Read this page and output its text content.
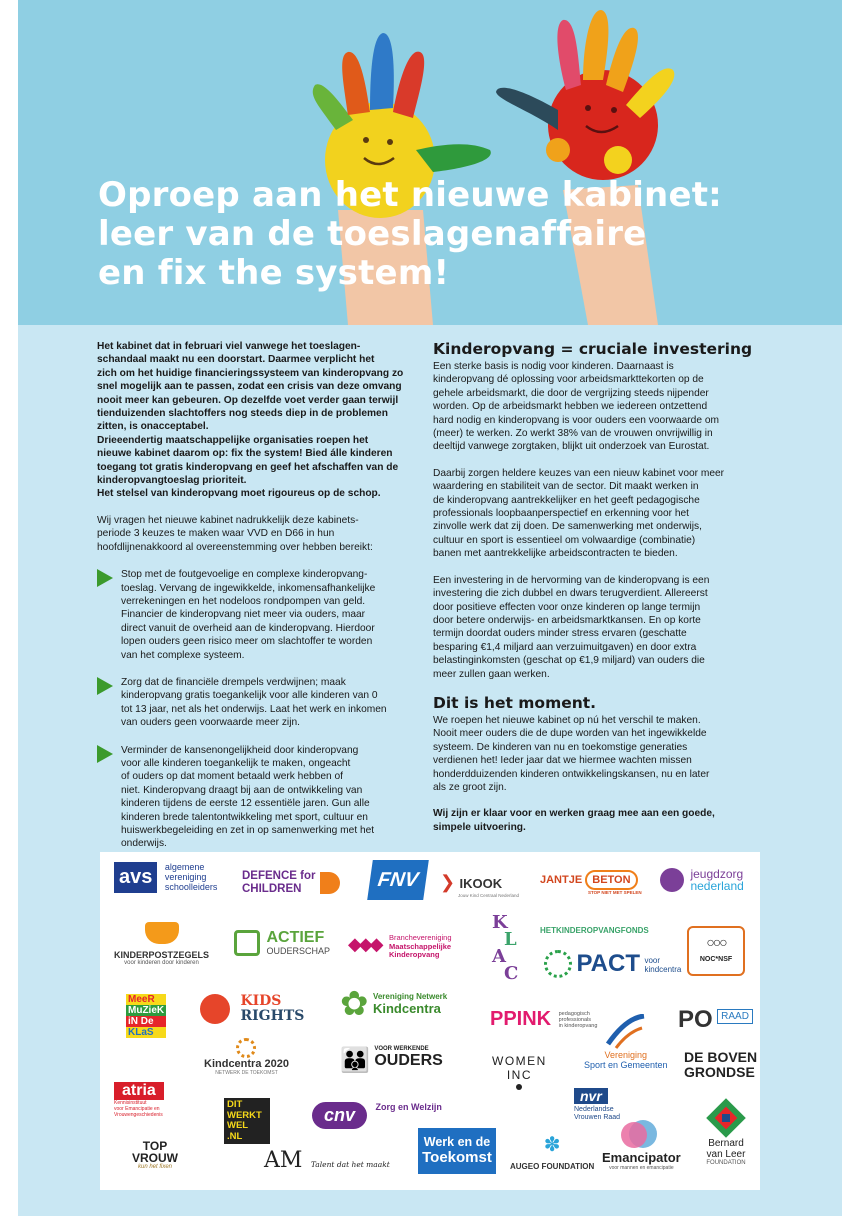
Oproep aan het nieuwe kabinet:
leer van de toeslagenaffaire
en fix the system!
Het kabinet dat in februari viel vanwege het toeslagen-
schandaal maakt nu een doorstart. Daarmee verplicht het
zich om het huidige financieringssysteem van kinderopvang zo
snel mogelijk aan te passen, zodat een crisis van deze omvang
nooit meer kan gebeuren. Op dezelfde voet verder gaan terwijl
tienduizenden slachtoffers nog steeds diep in de problemen
zitten, is onacceptabel.
Drieeendertig maatschappelijke organisaties roepen het
nieuwe kabinet daarom op: fix the system! Bied álle kinderen
toegang tot gratis kinderopvang en geef het afschaffen van de
kinderopvangtoeslag prioriteit.
Het stelsel van kinderopvang moet rigoureus op de schop.
Wij vragen het nieuwe kabinet nadrukkelijk deze kabinets-
periode 3 keuzes te maken waar VVD en D66 in hun
hoofdlijnenakkoord al overeenstemming over hebben bereikt:
Stop met de foutgevoelige en complexe kinderopvang-
toeslag. Vervang de ingewikkelde, inkomensafhankelijke
verrekeningen en het nodeloos rondpompen van geld.
Financier de kinderopvang niet meer via ouders, maar
direct vanuit de overheid aan de kinderopvang. Hierdoor
lopen ouders geen risico meer om slachtoffer te worden
van het complexe systeem.
Zorg dat de financiële drempels verdwijnen; maak
kinderopvang gratis toegankelijk voor alle kinderen van 0
tot 13 jaar, net als het onderwijs. Laat het werk en inkomen
van ouders geen voorwaarde meer zijn.
Verminder de kansenongelijkheid door kinderopvang
voor alle kinderen toegankelijk te maken, ongeacht
of ouders op dat moment betaald werk hebben of
niet. Kinderopvang draagt bij aan de ontwikkeling van
kinderen tijdens de eerste 12 essentiële jaren. Gun alle
kinderen brede talentontwikkeling met sport, cultuur en
huiswerkbegeleiding en zet in op samenwerking met het
onderwijs.
Kinderopvang = cruciale investering

Een sterke basis is nodig voor kinderen. Daarnaast is
kinderopvang dé oplossing voor arbeidsmarkttekorten op de
gehele arbeidsmarkt, die door de vergrijzing steeds nijpender
worden. Op de arbeidsmarkt hebben we iedereen ontzettend
hard nodig en kinderopvang is voor ouders een voorwaarde om
(meer) te werken. Zo werkt 38% van de vrouwen onvrijwillig in
deeltijd vanwege zorgtaken, blijkt uit onderzoek van Eurostat.

Daarbij zorgen heldere keuzes van een nieuw kabinet voor meer
waardering en stabiliteit van de sector. Dit maakt werken in
de kinderopvang aantrekkelijker en het geeft pedagogische
professionals loopbaanperspectief en erkenning voor het
zinvolle werk dat zij doen. De samenwerking met onderwijs,
cultuur en sport is essentieel om volwaardige (combinatie)
banen met aantrekkelijke arbeidscontracten te bieden.

Een investering in de hervorming van de kinderopvang is een
investering die zich dubbel en dwars terugverdient. Allereerst
door positieve effecten voor onze kinderen op lange termijn
door betere onderwijs- en arbeidsmarktkansen. En op korte
termijn doordat ouders minder stress ervaren (geschatte
besparing €1,4 miljard aan verzuimuitgaven) en door extra
belastinginkomsten (geschat op €1,9 miljard) van ouders die
meer zullen gaan werken.

Dit is het moment.

We roepen het nieuwe kabinet op nú het verschil te maken.
Nooit meer ouders die de dupe worden van het ingewikkelde
systeem. De kinderen van nu en toekomstige generaties
verdienen het! Ieder jaar dat we hiermee wachten missen
honderdduizenden kinderen ontwikkelingskansen, nu en later
als ze groot zijn.

Wij zijn er klaar voor en werken graag mee aan een goede,
simpele uitvoering.

avs algemene
vereniging
schoolleiders
DEFENCE for
CHILDREN	FNV	❯ IKOOK
Jouw Kind Centraal Nederland
JANTJE BETON
STOP NIET MET SPELEN

jeugdzorg
nederland
KINDERPOSTZEGELS
voor kinderen door kinderen

ACTIEF
OUDERSCHAP ◆◆◆ Branchevereniging
Maatschappelijke
Kinderopvang
K
L
A
C
HETKINDEROPVANGFONDS
PACT voor
kindcentra
○○○
NOC*NSF
MeeR
MuZieK
iN De
KLaS

KIDS
RIGHTS ✿ Vereniging Netwerk
Kindcentra	PPINK pedagogisch
professionals
in kinderopvang	PO RAAD
Kindcentra 2020
NETWERK DE TOEKOMST	👪 VOOR WERKENDE
OUDERS	WOMEN
INC
Vereniging
Sport en Gemeenten DE BOVEN
GRONDSE
atria
Kennisinstituut
voor Emancipatie en
Vrouwengeschiedenis
DIT
WERKT
WEL
.NL
cnv Zorg en Welzijn
nvr
Nederlandse
Vrouwen Raad
TOP
VROUW
kun het fixen	AM Talent dat het maakt
Werk en de
Toekomst
✽
AUGEO FOUNDATION
Emancipator
voor mannen en emancipatie
Bernard
van Leer
FOUNDATION
